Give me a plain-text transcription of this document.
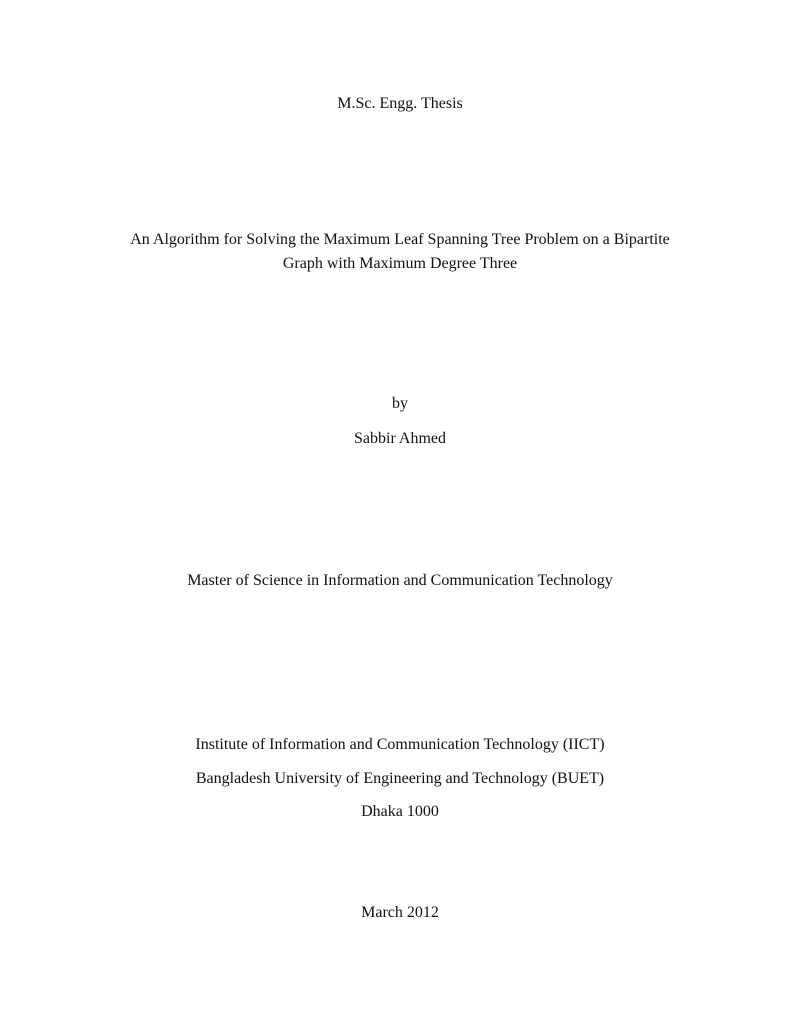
M.Sc. Engg. Thesis
An Algorithm for Solving the Maximum Leaf Spanning Tree Problem on a Bipartite
Graph with Maximum Degree Three
by
Sabbir Ahmed
Master of Science in Information and Communication Technology
Institute of Information and Communication Technology (IICT)
Bangladesh University of Engineering and Technology (BUET)
Dhaka 1000
March 2012
